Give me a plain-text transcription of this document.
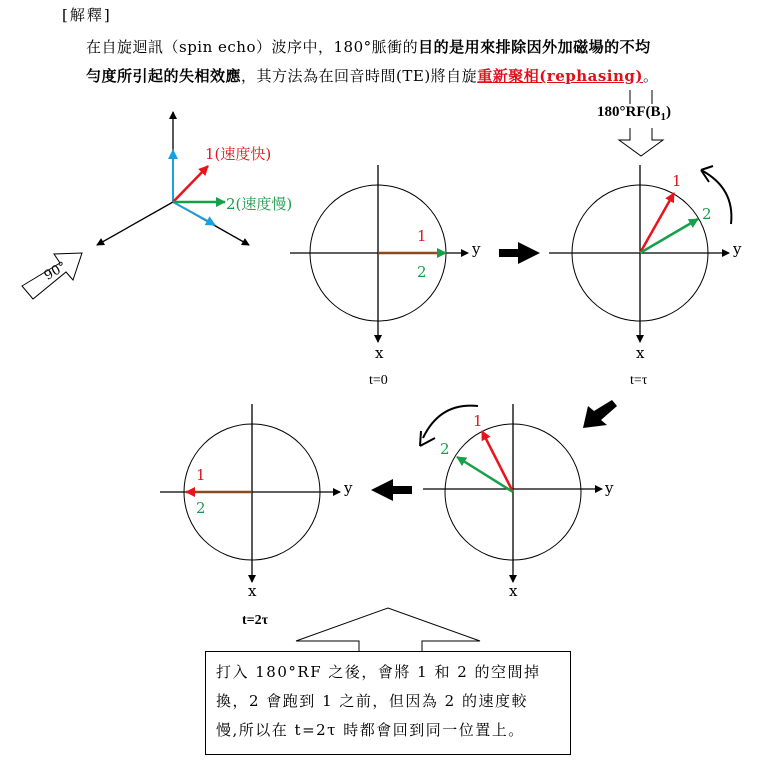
[解釋]
在自旋迴訊（spin echo）波序中，180°脈衝的目的是用來排除因外加磁場的不均
勻度所引起的失相效應，其方法為在回音時間(TE)將自旋重新聚相(rephasing)。
1(速度快)
2(速度慢)
90°
$180^\circ RF(B_1)$
1
2
y
x
t=0
1
2
y
x
t=τ
1
2
y
x
1
2
y
x
t=2τ
打入 180°RF 之後，會將 1 和 2 的空間掉
換，2 會跑到 1 之前，但因為 2 的速度較
慢,所以在 t=2τ 時都會回到同一位置上。
